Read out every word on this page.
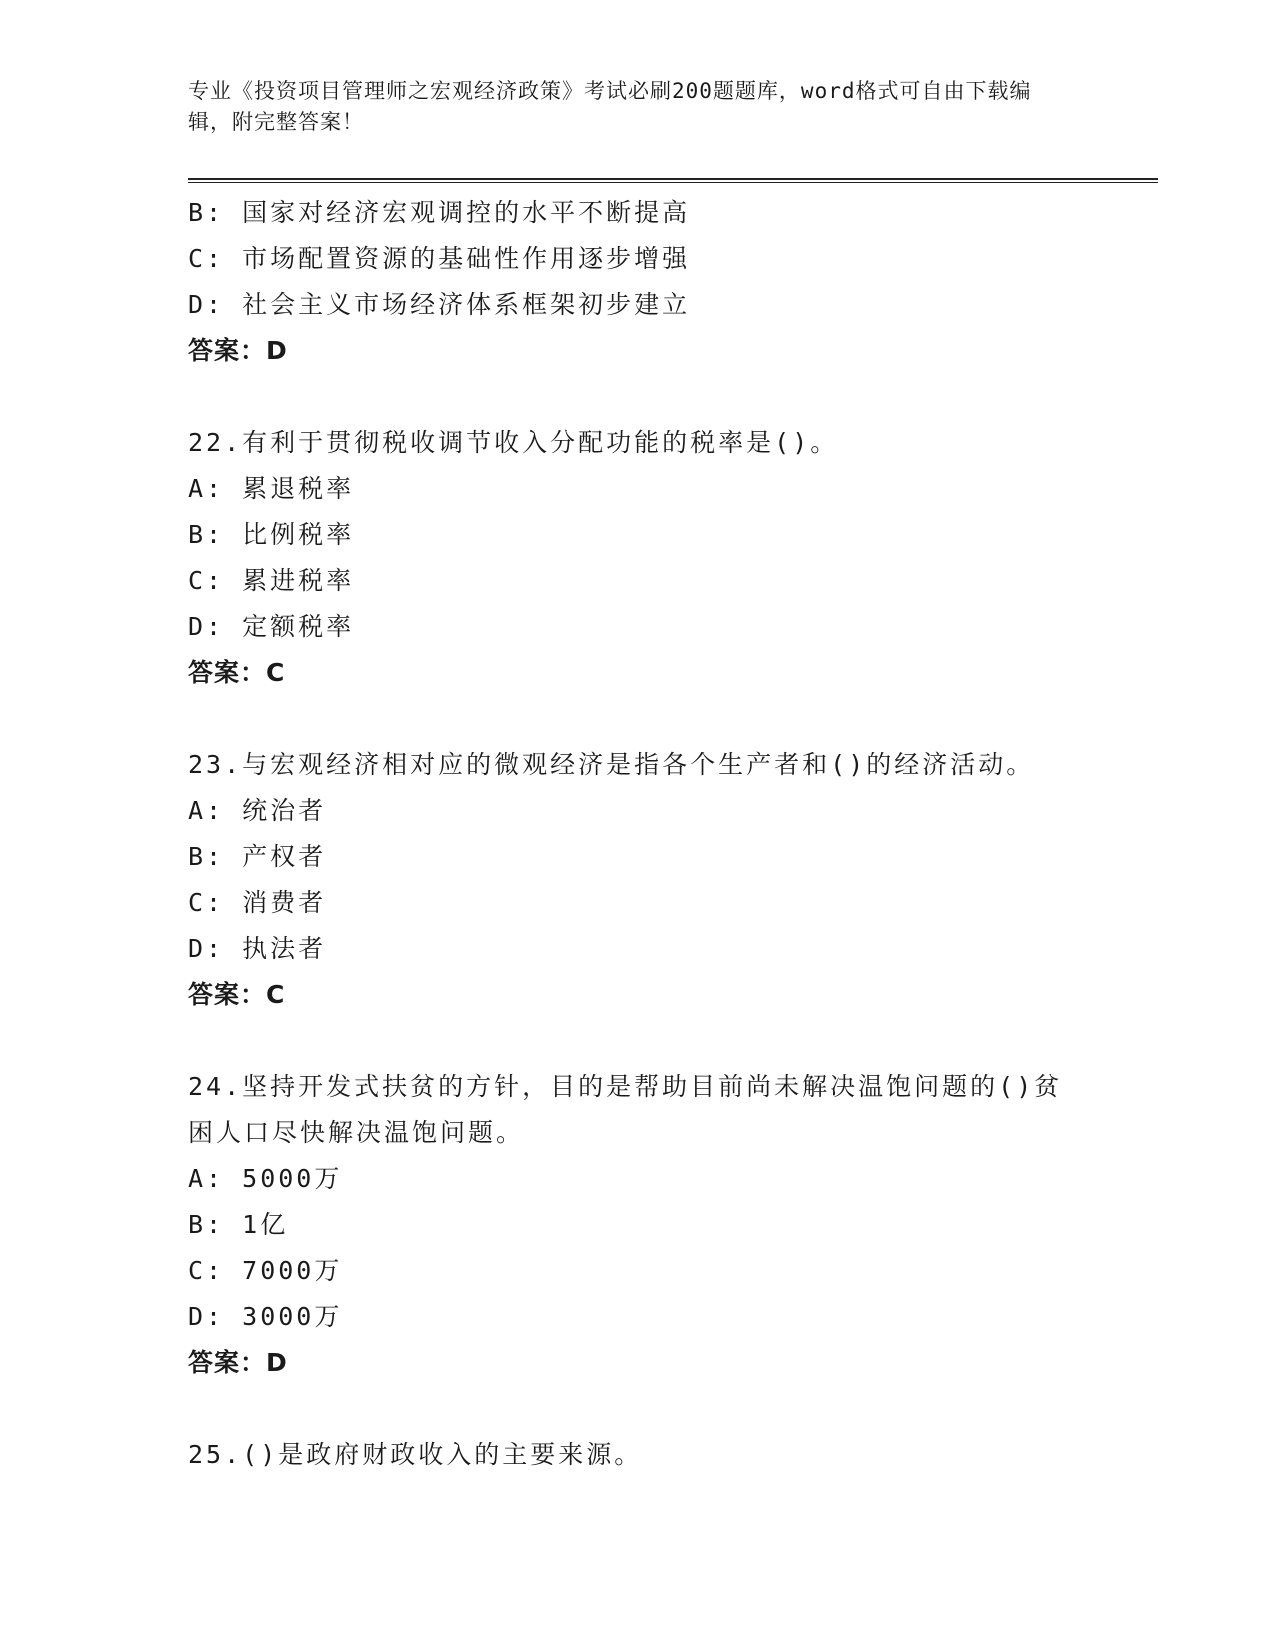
专业《投资项目管理师之宏观经济政策》考试必刷200题题库，word格式可自由下载编辑，附完整答案！
B: 国家对经济宏观调控的水平不断提高
C: 市场配置资源的基础性作用逐步增强
D: 社会主义市场经济体系框架初步建立
答案：D
22.有利于贯彻税收调节收入分配功能的税率是()。
A: 累退税率
B: 比例税率
C: 累进税率
D: 定额税率
答案：C
23.与宏观经济相对应的微观经济是指各个生产者和()的经济活动。
A: 统治者
B: 产权者
C: 消费者
D: 执法者
答案：C
24.坚持开发式扶贫的方针，目的是帮助目前尚未解决温饱问题的()贫困人口尽快解决温饱问题。
A: 5000万
B: 1亿
C: 7000万
D: 3000万
答案：D
25.()是政府财政收入的主要来源。
